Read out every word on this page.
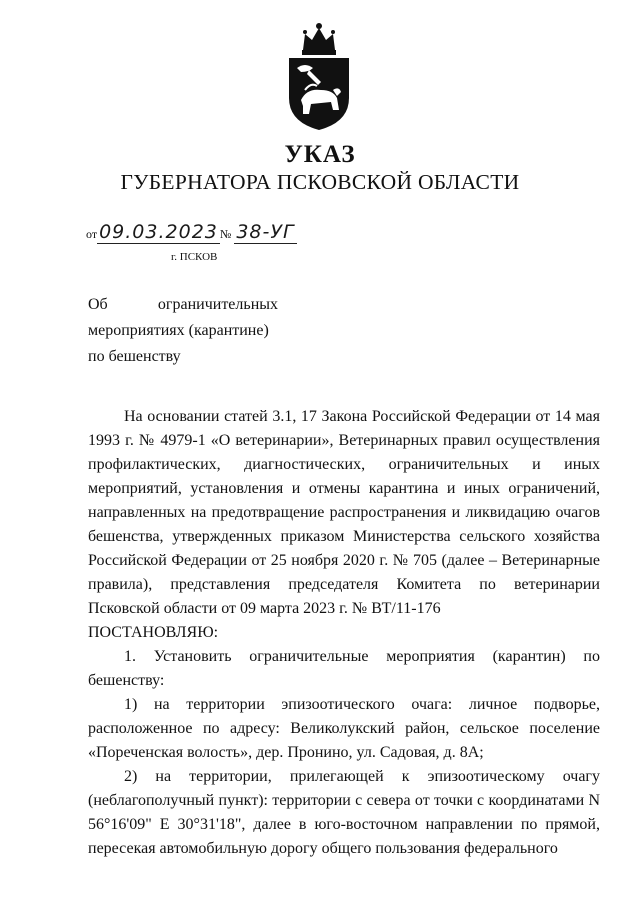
УКАЗ
ГУБЕРНАТОРА ПСКОВСКОЙ ОБЛАСТИ
от 09.03.2023 № 38-УГ
г. ПСКОВ
Об ограничительных
мероприятиях (карантине)
по бешенству

На основании статей 3.1, 17 Закона Российской Федерации от 14 мая 1993 г. № 4979-1 «О ветеринарии», Ветеринарных правил осуществления профилактических, диагностических, ограничительных и иных мероприятий, установления и отмены карантина и иных ограничений, направленных на предотвращение распространения и ликвидацию очагов бешенства, утвержденных приказом Министерства сельского хозяйства Российской Федерации от 25 ноября 2020 г. № 705 (далее – Ветеринарные правила), представления председателя Комитета по ветеринарии Псковской области от 09 марта 2023 г. № ВТ/11-176

ПОСТАНОВЛЯЮ:

1. Установить ограничительные мероприятия (карантин) по бешенству:

1) на территории эпизоотического очага: личное подворье, расположенное по адресу: Великолукский район, сельское поселение «Пореченская волость», дер. Пронино, ул. Садовая, д. 8А;

2) на территории, прилегающей к эпизоотическому очагу (неблагополучный пункт): территории с севера от точки с координатами N 56°16'09" E 30°31'18", далее в юго-восточном направлении по прямой, пересекая автомобильную дорогу общего пользования федерального
